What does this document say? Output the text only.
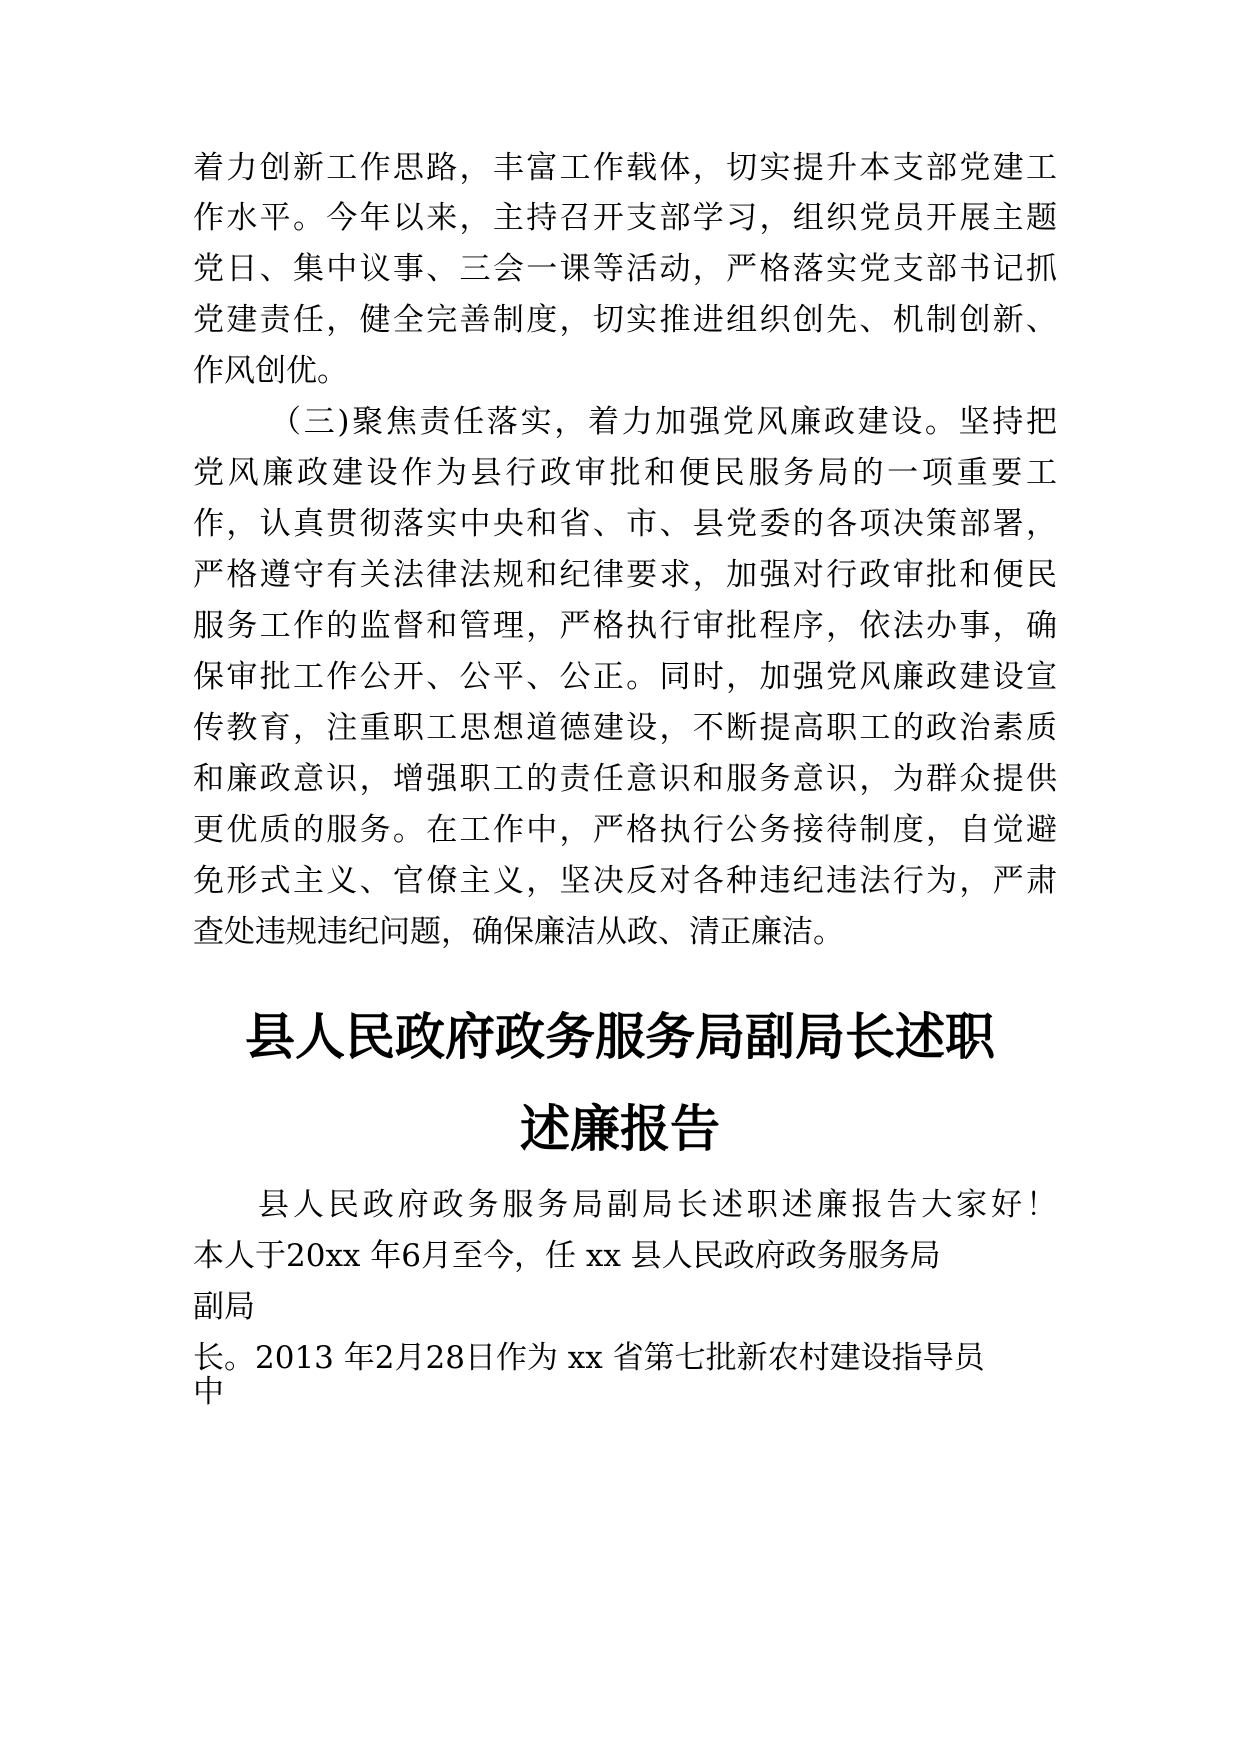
着力创新工作思路，丰富工作载体，切实提升本支部党建工
作水平。今年以来，主持召开支部学习，组织党员开展主题
党日、集中议事、三会一课等活动，严格落实党支部书记抓
党建责任，健全完善制度，切实推进组织创先、机制创新、
作风创优。
（三)聚焦责任落实，着力加强党风廉政建设。坚持把
党风廉政建设作为县行政审批和便民服务局的一项重要工
作，认真贯彻落实中央和省、市、县党委的各项决策部署，
严格遵守有关法律法规和纪律要求，加强对行政审批和便民
服务工作的监督和管理，严格执行审批程序，依法办事，确
保审批工作公开、公平、公正。同时，加强党风廉政建设宣
传教育，注重职工思想道德建设，不断提高职工的政治素质
和廉政意识，增强职工的责任意识和服务意识，为群众提供
更优质的服务。在工作中，严格执行公务接待制度，自觉避
免形式主义、官僚主义，坚决反对各种违纪违法行为，严肃
查处违规违纪问题，确保廉洁从政、清正廉洁。
县人民政府政务服务局副局长述职
述廉报告
县人民政府政务服务局副局长述职述廉报告大家好！
本人于20xx 年6月至今，任 xx 县人民政府政务服务局
副局
长。2013 年2月28日作为 xx 省第七批新农村建设指导员
中
